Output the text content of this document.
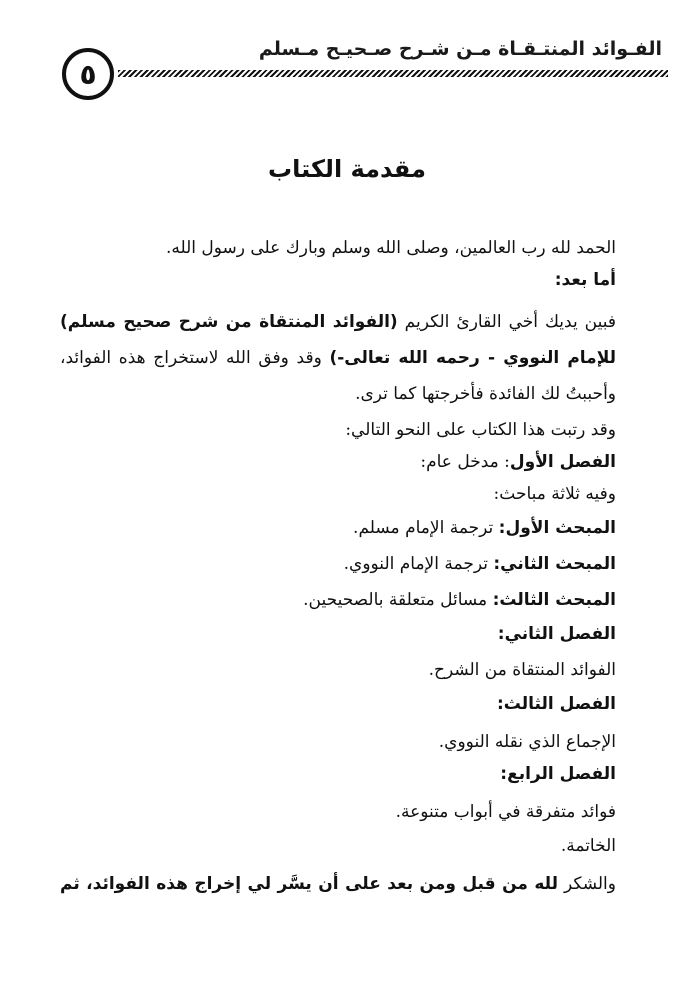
الفـوائد المنتـقـاة مـن شـرح صـحيـح مـسلم
٥
مقدمة الكتاب
الحمد لله رب العالمين، وصلى الله وسلم وبارك على رسول الله.
أما بعد:
فبين يديك أخي القارئ الكريم (الفوائد المنتقاة من شرح صحيح مسلم)
للإمام النووي - رحمه الله تعالى-) وقد وفق الله لاستخراج هذه الفوائد،
وأحببتُ لك الفائدة فأخرجتها كما ترى.
وقد رتبت هذا الكتاب على النحو التالي:
الفصل الأول: مدخل عام:
وفيه ثلاثة مباحث:
المبحث الأول: ترجمة الإمام مسلم.
المبحث الثاني: ترجمة الإمام النووي.
المبحث الثالث: مسائل متعلقة بالصحيحين.
الفصل الثاني:
الفوائد المنتقاة من الشرح.
الفصل الثالث:
الإجماع الذي نقله النووي.
الفصل الرابع:
فوائد متفرقة في أبواب متنوعة.
الخاتمة.
والشكر لله من قبل ومن بعد على أن يسَّر لي إخراج هذه الفوائد، ثم
